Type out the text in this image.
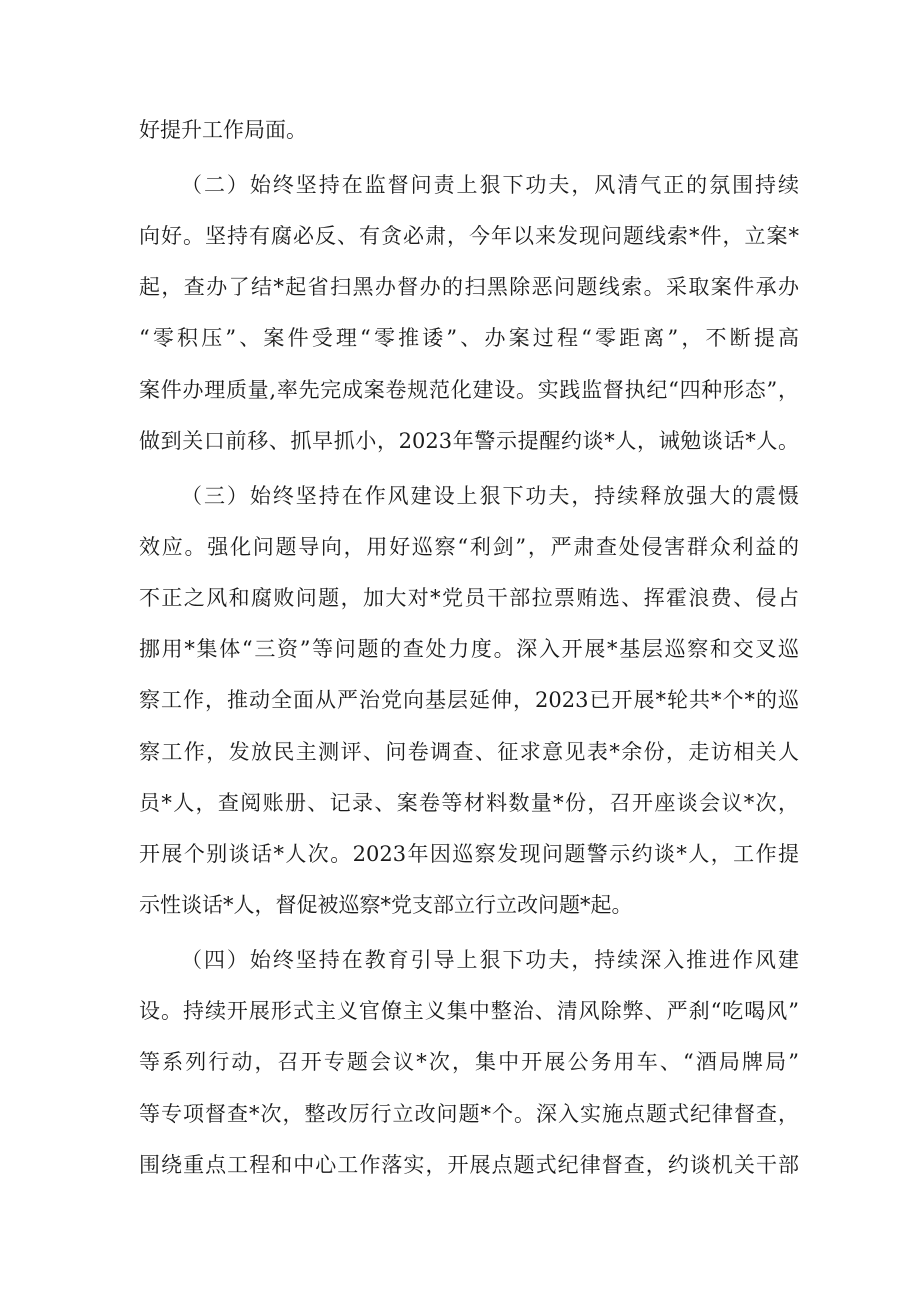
好提升工作局面。
（二）始终坚持在监督问责上狠下功夫，风清气正的氛围持续
向好。坚持有腐必反、有贪必肃，今年以来发现问题线索*件，立案*
起，查办了结*起省扫黑办督办的扫黑除恶问题线索。采取案件承办
“零积压”、案件受理“零推诿”、办案过程“零距离”，不断提高
案件办理质量,率先完成案卷规范化建设。实践监督执纪“四种形态”，
做到关口前移、抓早抓小，2023年警示提醒约谈*人，诫勉谈话*人。
（三）始终坚持在作风建设上狠下功夫，持续释放强大的震慑
效应。强化问题导向，用好巡察“利剑”，严肃查处侵害群众利益的
不正之风和腐败问题，加大对*党员干部拉票贿选、挥霍浪费、侵占
挪用*集体“三资”等问题的查处力度。深入开展*基层巡察和交叉巡
察工作，推动全面从严治党向基层延伸，2023已开展*轮共*个*的巡
察工作，发放民主测评、问卷调查、征求意见表*余份，走访相关人
员*人，查阅账册、记录、案卷等材料数量*份，召开座谈会议*次，
开展个别谈话*人次。2023年因巡察发现问题警示约谈*人，工作提
示性谈话*人，督促被巡察*党支部立行立改问题*起。
（四）始终坚持在教育引导上狠下功夫，持续深入推进作风建
设。持续开展形式主义官僚主义集中整治、清风除弊、严刹“吃喝风”
等系列行动，召开专题会议*次，集中开展公务用车、“酒局牌局”
等专项督查*次，整改厉行立改问题*个。深入实施点题式纪律督查，
围绕重点工程和中心工作落实，开展点题式纪律督查，约谈机关干部
